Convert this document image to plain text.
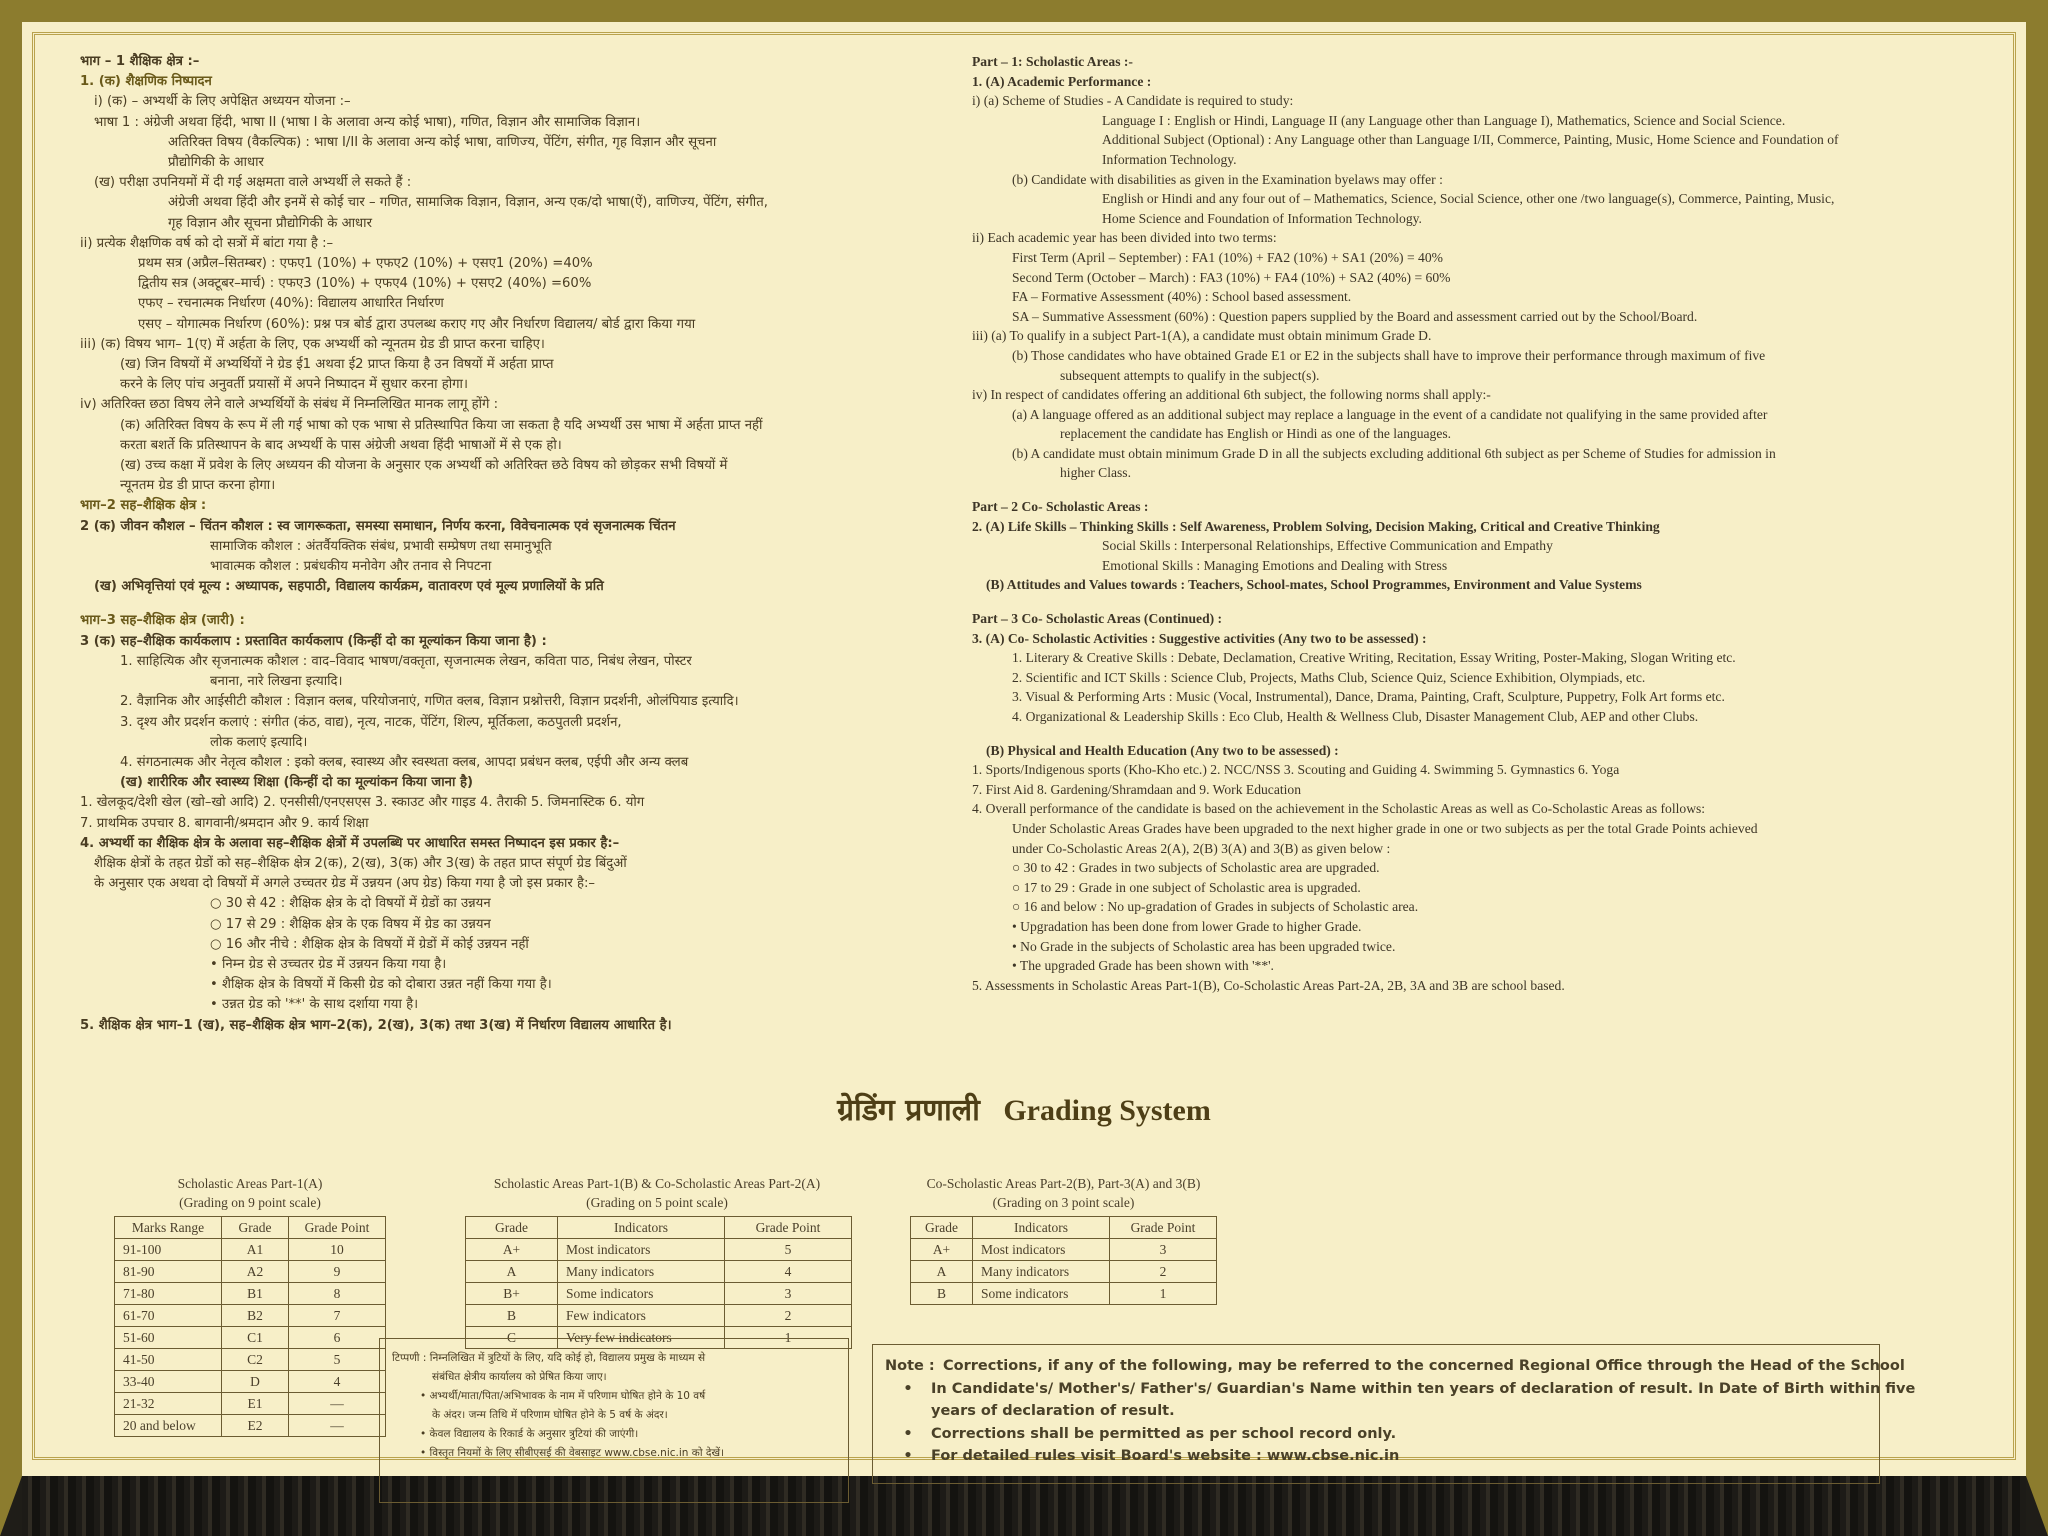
भाग – 1 शैक्षिक क्षेत्र :–
1. (क) शैक्षणिक निष्पादन
i) (क) – अभ्यर्थी के लिए अपेक्षित अध्ययन योजना :–
भाषा 1 : अंग्रेजी अथवा हिंदी, भाषा II (भाषा I के अलावा अन्य कोई भाषा), गणित, विज्ञान और सामाजिक विज्ञान।
अतिरिक्त विषय (वैकल्पिक) : भाषा I/II के अलावा अन्य कोई भाषा, वाणिज्य, पेंटिंग, संगीत, गृह विज्ञान और सूचना
प्रौद्योगिकी के आधार
(ख) परीक्षा उपनियमों में दी गई अक्षमता वाले अभ्यर्थी ले सकते हैं :
अंग्रेजी अथवा हिंदी और इनमें से कोई चार – गणित, सामाजिक विज्ञान, विज्ञान, अन्य एक/दो भाषा(ऐं), वाणिज्य, पेंटिंग, संगीत,
गृह विज्ञान और सूचना प्रौद्योगिकी के आधार
ii) प्रत्येक शैक्षणिक वर्ष को दो सत्रों में बांटा गया है :–
प्रथम सत्र (अप्रैल–सितम्बर) : एफए1 (10%) + एफए2 (10%) + एसए1 (20%) =40%
द्वितीय सत्र (अक्टूबर–मार्च) : एफए3 (10%) + एफए4 (10%) + एसए2 (40%) =60%
एफए – रचनात्मक निर्धारण (40%): विद्यालय आधारित निर्धारण
एसए – योगात्मक निर्धारण (60%): प्रश्न पत्र बोर्ड द्वारा उपलब्ध कराए गए और निर्धारण विद्यालय/ बोर्ड द्वारा किया गया
iii) (क) विषय भाग– 1(ए) में अर्हता के लिए, एक अभ्यर्थी को न्यूनतम ग्रेड डी प्राप्त करना चाहिए।
(ख) जिन विषयों में अभ्यर्थियों ने ग्रेड ई1 अथवा ई2 प्राप्त किया है उन विषयों में अर्हता प्राप्त
करने के लिए पांच अनुवर्ती प्रयासों में अपने निष्पादन में सुधार करना होगा।
iv) अतिरिक्त छठा विषय लेने वाले अभ्यर्थियों के संबंध में निम्नलिखित मानक लागू होंगे :
(क) अतिरिक्त विषय के रूप में ली गई भाषा को एक भाषा से प्रतिस्थापित किया जा सकता है यदि अभ्यर्थी उस भाषा में अर्हता प्राप्त नहीं
करता बशर्ते कि प्रतिस्थापन के बाद अभ्यर्थी के पास अंग्रेजी अथवा हिंदी भाषाओं में से एक हो।
(ख) उच्च कक्षा में प्रवेश के लिए अध्ययन की योजना के अनुसार एक अभ्यर्थी को अतिरिक्त छठे विषय को छोड़कर सभी विषयों में
न्यूनतम ग्रेड डी प्राप्त करना होगा।
भाग–2 सह–शैक्षिक क्षेत्र :
2 (क) जीवन कौशल – चिंतन कौशल : स्व जागरूकता, समस्या समाधान, निर्णय करना, विवेचनात्मक एवं सृजनात्मक चिंतन
सामाजिक कौशल : अंतर्वैयक्तिक संबंध, प्रभावी सम्प्रेषण तथा समानुभूति
भावात्मक कौशल : प्रबंधकीय मनोवेग और तनाव से निपटना
(ख) अभिवृत्तियां एवं मूल्य : अध्यापक, सहपाठी, विद्यालय कार्यक्रम, वातावरण एवं मूल्य प्रणालियों के प्रति
भाग–3 सह–शैक्षिक क्षेत्र (जारी) :
3 (क) सह–शैक्षिक कार्यकलाप : प्रस्तावित कार्यकलाप (किन्हीं दो का मूल्यांकन किया जाना है) :
1. साहित्यिक और सृजनात्मक कौशल : वाद–विवाद भाषण/वक्तृता, सृजनात्मक लेखन, कविता पाठ, निबंध लेखन, पोस्टर
बनाना, नारे लिखना इत्यादि।
2. वैज्ञानिक और आईसीटी कौशल : विज्ञान क्लब, परियोजनाएं, गणित क्लब, विज्ञान प्रश्नोत्तरी, विज्ञान प्रदर्शनी, ओलंपियाड इत्यादि।
3. दृश्य और प्रदर्शन कलाएं : संगीत (कंठ, वाद्य), नृत्य, नाटक, पेंटिंग, शिल्प, मूर्तिकला, कठपुतली प्रदर्शन,
लोक कलाएं इत्यादि।
4. संगठनात्मक और नेतृत्व कौशल : इको क्लब, स्वास्थ्य और स्वस्थता क्लब, आपदा प्रबंधन क्लब, एईपी और अन्य क्लब
(ख) शारीरिक और स्वास्थ्य शिक्षा (किन्हीं दो का मूल्यांकन किया जाना है)
1. खेलकूद/देशी खेल (खो–खो आदि) 2. एनसीसी/एनएसएस 3. स्काउट और गाइड 4. तैराकी 5. जिमनास्टिक 6. योग
7. प्राथमिक उपचार 8. बागवानी/श्रमदान और 9. कार्य शिक्षा
4. अभ्यर्थी का शैक्षिक क्षेत्र के अलावा सह–शैक्षिक क्षेत्रों में उपलब्धि पर आधारित समस्त निष्पादन इस प्रकार है:–
शैक्षिक क्षेत्रों के तहत ग्रेडों को सह–शैक्षिक क्षेत्र 2(क), 2(ख), 3(क) और 3(ख) के तहत प्राप्त संपूर्ण ग्रेड बिंदुओं
के अनुसार एक अथवा दो विषयों में अगले उच्चतर ग्रेड में उन्नयन (अप ग्रेड) किया गया है जो इस प्रकार है:–
○ 30 से 42 : शैक्षिक क्षेत्र के दो विषयों में ग्रेडों का उन्नयन
○ 17 से 29 : शैक्षिक क्षेत्र के एक विषय में ग्रेड का उन्नयन
○ 16 और नीचे : शैक्षिक क्षेत्र के विषयों में ग्रेडों में कोई उन्नयन नहीं
• निम्न ग्रेड से उच्चतर ग्रेड में उन्नयन किया गया है।
• शैक्षिक क्षेत्र के विषयों में किसी ग्रेड को दोबारा उन्नत नहीं किया गया है।
• उन्नत ग्रेड को '**' के साथ दर्शाया गया है।
5. शैक्षिक क्षेत्र भाग–1 (ख), सह–शैक्षिक क्षेत्र भाग–2(क), 2(ख), 3(क) तथा 3(ख) में निर्धारण विद्यालय आधारित है।
Part – 1: Scholastic Areas :-
1. (A) Academic Performance :
i) (a) Scheme of Studies - A Candidate is required to study:
Language I : English or Hindi, Language II (any Language other than Language I), Mathematics, Science and Social Science.
Additional Subject (Optional) : Any Language other than Language I/II, Commerce, Painting, Music, Home Science and Foundation of
Information Technology.
(b) Candidate with disabilities as given in the Examination byelaws may offer :
English or Hindi and any four out of – Mathematics, Science, Social Science, other one /two language(s), Commerce, Painting, Music,
Home Science and Foundation of Information Technology.
ii) Each academic year has been divided into two terms:
First Term (April – September) : FA1 (10%) + FA2 (10%) + SA1 (20%) = 40%
Second Term (October – March) : FA3 (10%) + FA4 (10%) + SA2 (40%) = 60%
FA – Formative Assessment (40%) : School based assessment.
SA – Summative Assessment (60%) : Question papers supplied by the Board and assessment carried out by the School/Board.
iii) (a) To qualify in a subject Part-1(A), a candidate must obtain minimum Grade D.
(b) Those candidates who have obtained Grade E1 or E2 in the subjects shall have to improve their performance through maximum of five
subsequent attempts to qualify in the subject(s).
iv) In respect of candidates offering an additional 6th subject, the following norms shall apply:-
(a) A language offered as an additional subject may replace a language in the event of a candidate not qualifying in the same provided after
replacement the candidate has English or Hindi as one of the languages.
(b) A candidate must obtain minimum Grade D in all the subjects excluding additional 6th subject as per Scheme of Studies for admission in
higher Class.
Part – 2 Co- Scholastic Areas :
2. (A) Life Skills – Thinking Skills : Self Awareness, Problem Solving, Decision Making, Critical and Creative Thinking
Social Skills : Interpersonal Relationships, Effective Communication and Empathy
Emotional Skills : Managing Emotions and Dealing with Stress
(B) Attitudes and Values towards : Teachers, School-mates, School Programmes, Environment and Value Systems
Part – 3 Co- Scholastic Areas (Continued) :
3. (A) Co- Scholastic Activities : Suggestive activities (Any two to be assessed) :
1. Literary & Creative Skills : Debate, Declamation, Creative Writing, Recitation, Essay Writing, Poster-Making, Slogan Writing etc.
2. Scientific and ICT Skills : Science Club, Projects, Maths Club, Science Quiz, Science Exhibition, Olympiads, etc.
3. Visual & Performing Arts : Music (Vocal, Instrumental), Dance, Drama, Painting, Craft, Sculpture, Puppetry, Folk Art forms etc.
4. Organizational & Leadership Skills : Eco Club, Health & Wellness Club, Disaster Management Club, AEP and other Clubs.
(B) Physical and Health Education (Any two to be assessed) :
1. Sports/Indigenous sports (Kho-Kho etc.) 2. NCC/NSS 3. Scouting and Guiding 4. Swimming 5. Gymnastics 6. Yoga
7. First Aid 8. Gardening/Shramdaan and 9. Work Education
4. Overall performance of the candidate is based on the achievement in the Scholastic Areas as well as Co-Scholastic Areas as follows:
Under Scholastic Areas Grades have been upgraded to the next higher grade in one or two subjects as per the total Grade Points achieved
under Co-Scholastic Areas 2(A), 2(B) 3(A) and 3(B) as given below :
○ 30 to 42 : Grades in two subjects of Scholastic area are upgraded.
○ 17 to 29 : Grade in one subject of Scholastic area is upgraded.
○ 16 and below : No up-gradation of Grades in subjects of Scholastic area.
• Upgradation has been done from lower Grade to higher Grade.
• No Grade in the subjects of Scholastic area has been upgraded twice.
• The upgraded Grade has been shown with '**'.
5. Assessments in Scholastic Areas Part-1(B), Co-Scholastic Areas Part-2A, 2B, 3A and 3B are school based.
ग्रेडिंग प्रणाली Grading System
Scholastic Areas Part-1(A)
(Grading on 9 point scale)
Marks Range	Grade	Grade Point
91-100	A1	10
81-90	A2	9
71-80	B1	8
61-70	B2	7
51-60	C1	6
41-50	C2	5
33-40	D	4
21-32	E1	—
20 and below	E2	—
Scholastic Areas Part-1(B) & Co-Scholastic Areas Part-2(A)
(Grading on 5 point scale)
Grade	Indicators	Grade Point
A+	Most indicators	5
A	Many indicators	4
B+	Some indicators	3
B	Few indicators	2
C	Very few indicators	1
Co-Scholastic Areas Part-2(B), Part-3(A) and 3(B)
(Grading on 3 point scale)
Grade	Indicators	Grade Point
A+	Most indicators	3
A	Many indicators	2
B	Some indicators	1
टिप्पणी : निम्नलिखित में त्रुटियों के लिए, यदि कोई हो, विद्यालय प्रमुख के माध्यम से
संबंधित क्षेत्रीय कार्यालय को प्रेषित किया जाए।
• अभ्यर्थी/माता/पिता/अभिभावक के नाम में परिणाम घोषित होने के 10 वर्ष
के अंदर। जन्म तिथि में परिणाम घोषित होने के 5 वर्ष के अंदर।
• केवल विद्यालय के रिकार्ड के अनुसार त्रुटियां की जाएंगी।
• विस्तृत नियमों के लिए सीबीएसई की वेबसाइट www.cbse.nic.in को देखें।
Note : Corrections, if any of the following, may be referred to the concerned Regional Office through the Head of the School
• In Candidate's/ Mother's/ Father's/ Guardian's Name within ten years of declaration of result. In Date of Birth within five
years of declaration of result.
• Corrections shall be permitted as per school record only.
• For detailed rules visit Board's website : www.cbse.nic.in
